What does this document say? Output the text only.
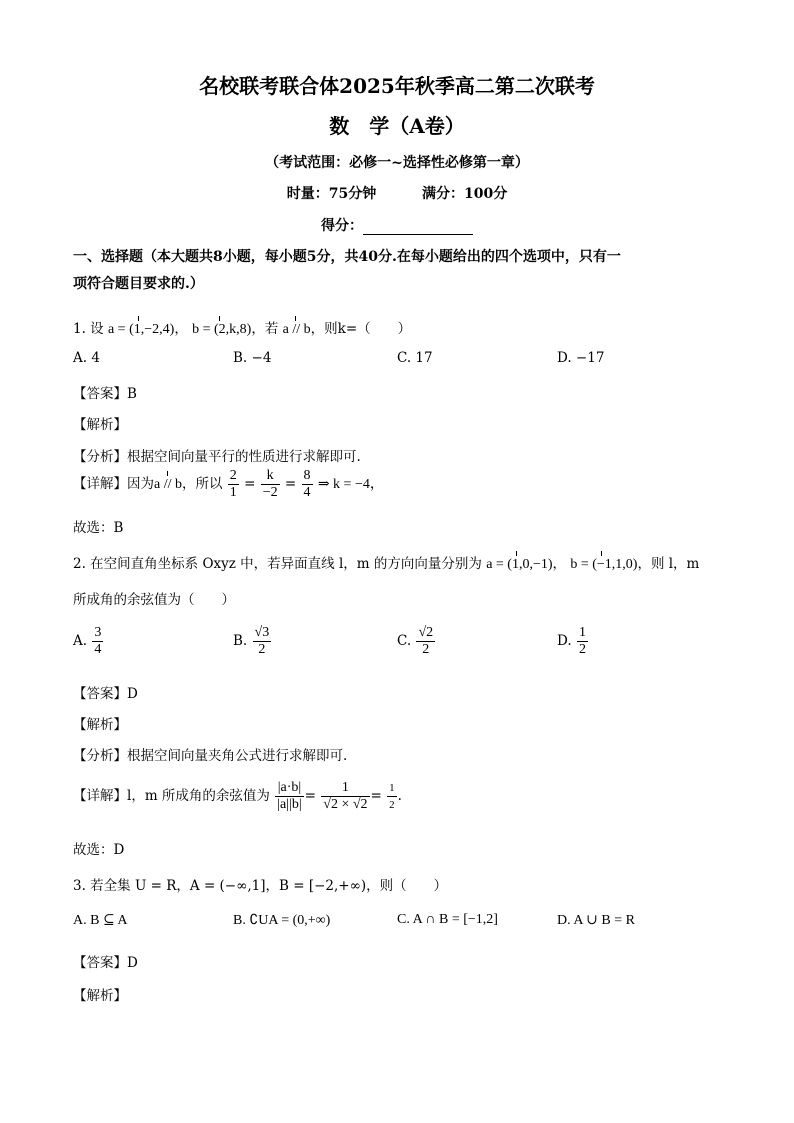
名校联考联合体2025年秋季高二第二次联考
数　学（A卷）
（考试范围：必修一~选择性必修第一章）
时量：75分钟	满分：100分
得分：
一、选择题（本大题共8小题，每小题5分，共40分.在每小题给出的四个选项中，只有一
项符合题目要求的.）
1. 设 a = (1,−2,4)， b = (2,k,8)，若 a // b，则k=（　　）
A. 4	B. −4	C. 17	D. −17
【答案】B
【解析】
【分析】根据空间向量平行的性质进行求解即可.
【详解】因为a // b，所以 $\frac{2}{1} = \frac{k}{-2} = \frac{8}{4}$ ⇒ k = −4，
故选：B
2. 在空间直角坐标系 Oxyz 中，若异面直线 l，m 的方向向量分别为 a = (1,0,−1)， b = (−1,1,0)，则 l，m
所成角的余弦值为（　　）
A. $\frac{3}{4}$	B. $\frac{√3}{2}$	C. $\frac{√2}{2}$	D. $\frac{1}{2}$
【答案】D
【解析】
【分析】根据空间向量夹角公式进行求解即可.
【详解】l，m 所成角的余弦值为 $\frac{|a\cdot b|}{|a||b|} = \frac{1}{√2 \times √2} = \frac{1}{2}$ .
故选：D
3. 若全集 U = R，A = (−∞,1]，B = [−2,+∞)，则（　　）
A. B ⊆ A	B. ∁UA = (0,+∞)	C. A ∩ B = [−1,2]	D. A ∪ B = R
【答案】D
【解析】
